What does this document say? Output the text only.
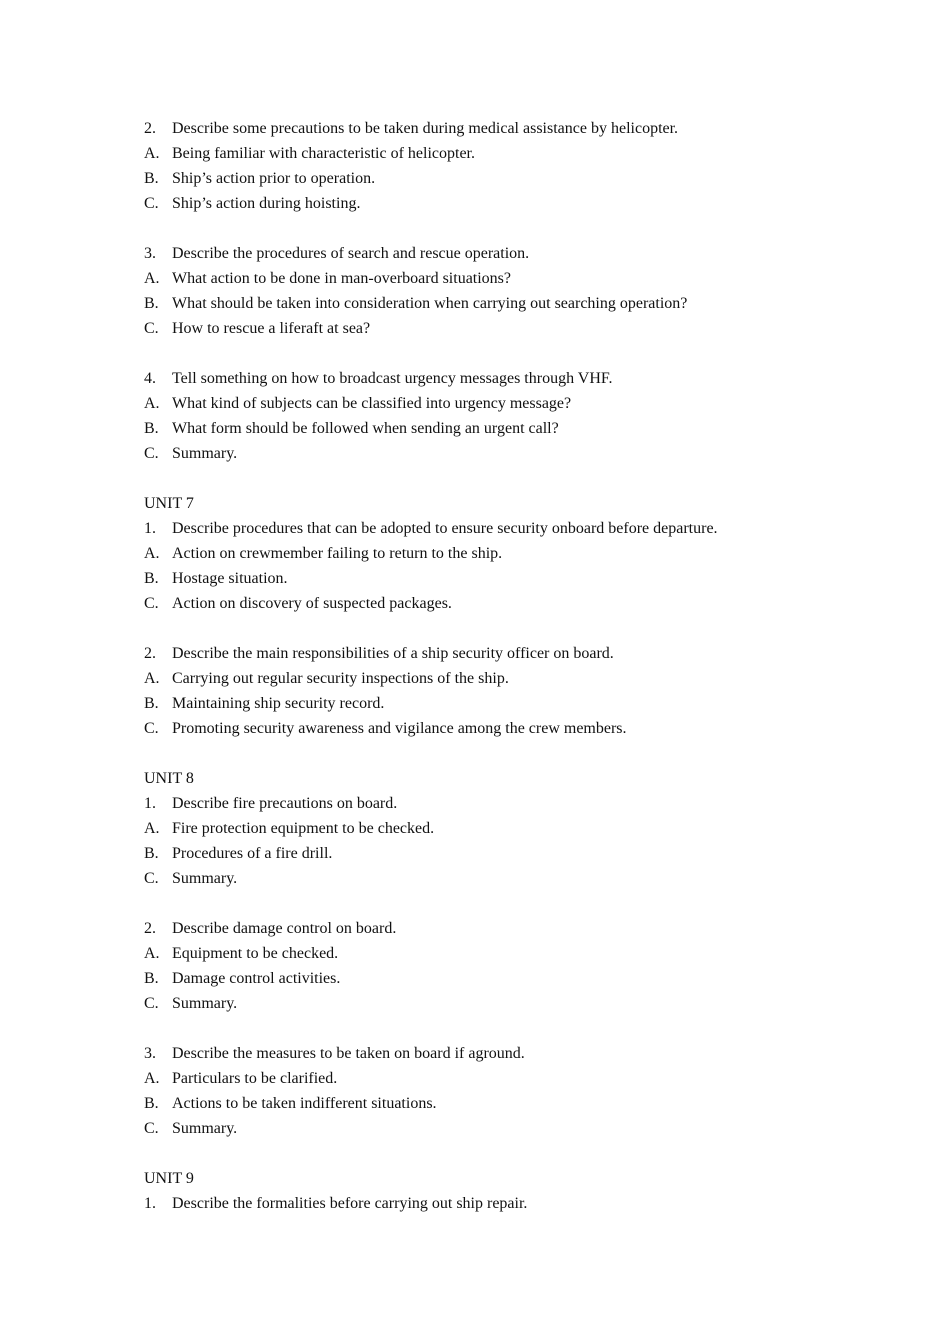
2. Describe some precautions to be taken during medical assistance by helicopter.
A. Being familiar with characteristic of helicopter.
B. Ship’s action prior to operation.
C. Ship’s action during hoisting.
3. Describe the procedures of search and rescue operation.
A. What action to be done in man-overboard situations?
B. What should be taken into consideration when carrying out searching operation?
C. How to rescue a liferaft at sea?
4. Tell something on how to broadcast urgency messages through VHF.
A. What kind of subjects can be classified into urgency message?
B. What form should be followed when sending an urgent call?
C. Summary.
UNIT 7
1. Describe procedures that can be adopted to ensure security onboard before departure.
A. Action on crewmember failing to return to the ship.
B. Hostage situation.
C. Action on discovery of suspected packages.
2. Describe the main responsibilities of a ship security officer on board.
A. Carrying out regular security inspections of the ship.
B. Maintaining ship security record.
C. Promoting security awareness and vigilance among the crew members.
UNIT 8
1. Describe fire precautions on board.
A. Fire protection equipment to be checked.
B. Procedures of a fire drill.
C. Summary.
2. Describe damage control on board.
A. Equipment to be checked.
B. Damage control activities.
C. Summary.
3. Describe the measures to be taken on board if aground.
A. Particulars to be clarified.
B. Actions to be taken indifferent situations.
C. Summary.
UNIT 9
1. Describe the formalities before carrying out ship repair.
